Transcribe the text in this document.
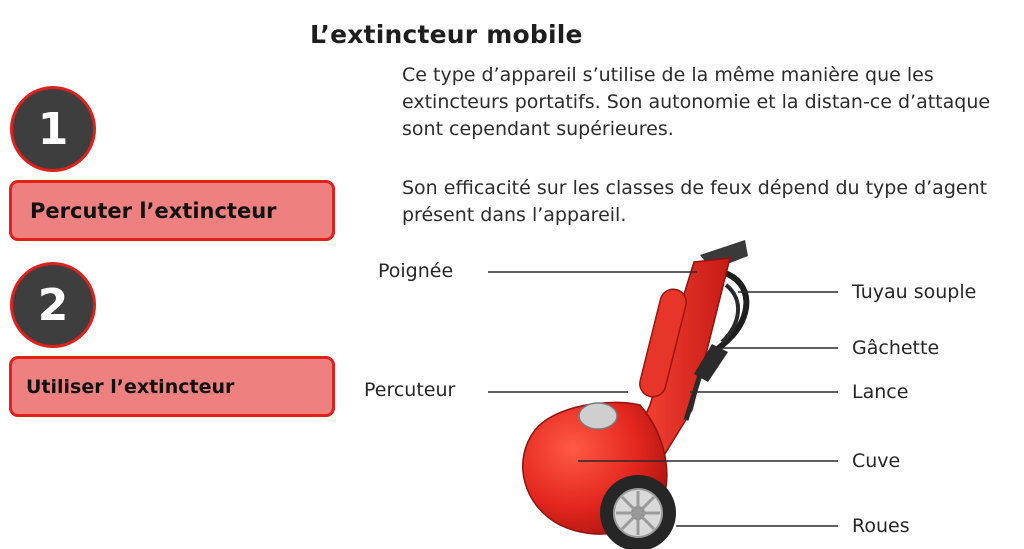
L’extincteur mobile

Ce type d’appareil s’utilise de la même manière que les extincteurs portatifs. Son autonomie et la distan-ce d’attaque sont cependant supérieures.

Son efficacité sur les classes de feux dépend du type d’agent présent dans l’appareil.

1
Percuter l’extincteur
2
Utiliser l’extincteur
Poignée
Percuteur
Tuyau souple
Gâchette
Lance
Cuve
Roues
